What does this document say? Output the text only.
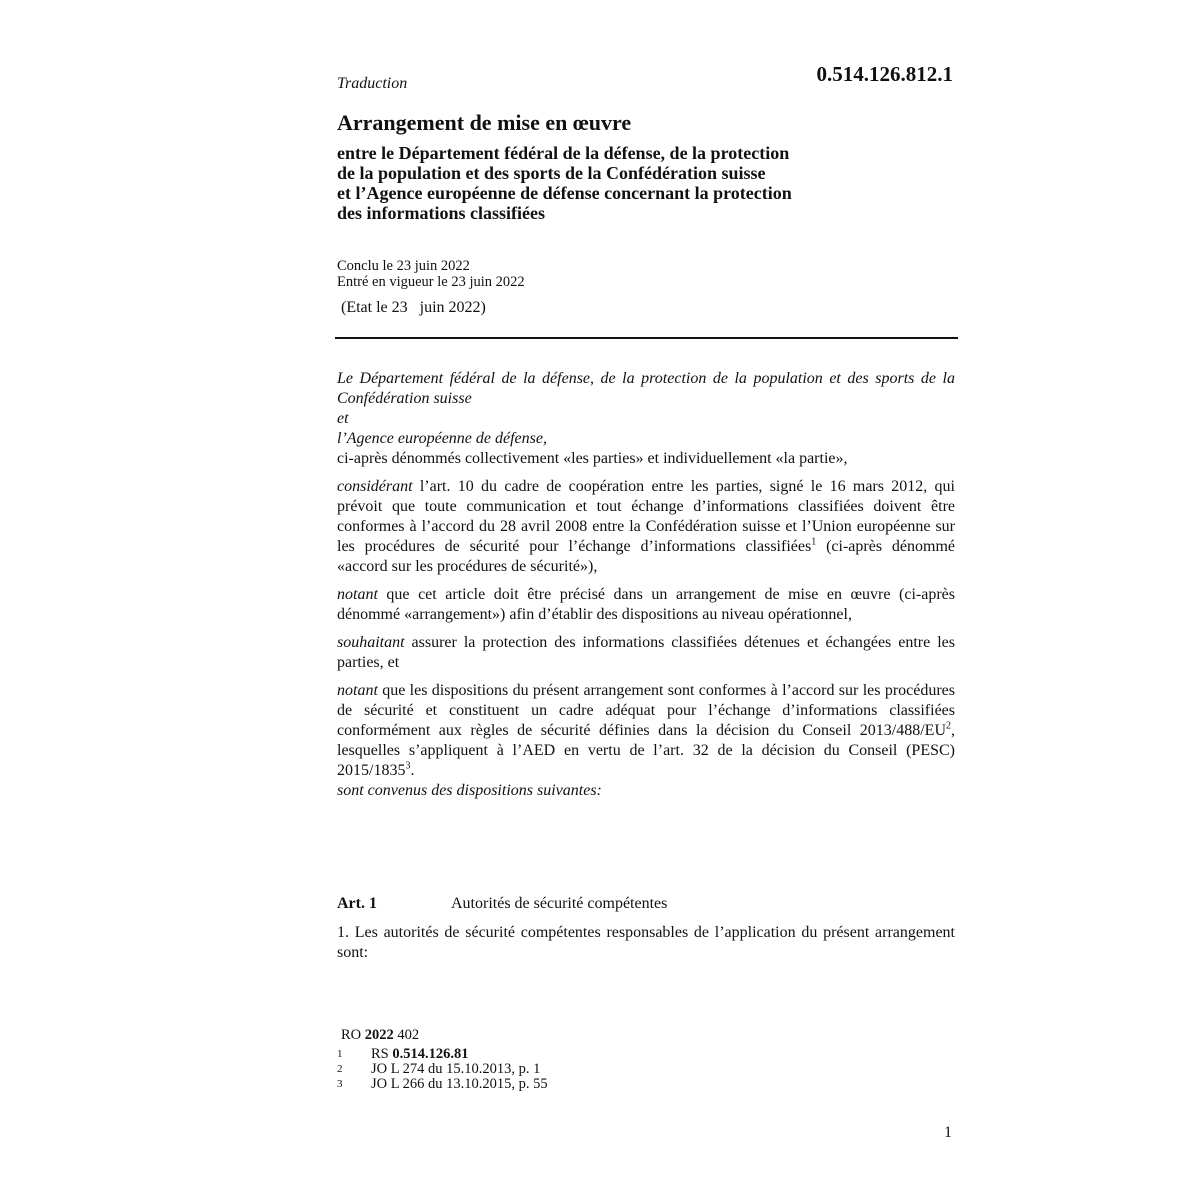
Traduction	0.514.126.812.1
Arrangement de mise en œuvre
entre le Département fédéral de la défense, de la protection
de la population et des sports de la Confédération suisse
et l’Agence européenne de défense concernant la protection
des informations classifiées
Conclu le 23 juin 2022
Entré en vigueur le 23 juin 2022
(Etat le 23   juin 2022)

Le Département fédéral de la défense, de la protection de la population et des sports de la Confédération suisse

et

l’Agence européenne de défense,

ci-après dénommés collectivement «les parties» et individuellement «la partie»,

considérant l’art. 10 du cadre de coopération entre les parties, signé le 16 mars 2012, qui prévoit que toute communication et tout échange d’informations classifiées doivent être conformes à l’accord du 28 avril 2008 entre la Confédération suisse et l’Union européenne sur les procédures de sécurité pour l’échange d’informations classifiées$^1$ (ci-après dénommé «accord sur les procédures de sécurité»),

notant que cet article doit être précisé dans un arrangement de mise en œuvre (ci-après dénommé «arrangement») afin d’établir des dispositions au niveau opérationnel,

souhaitant assurer la protection des informations classifiées détenues et échangées entre les parties, et

notant que les dispositions du présent arrangement sont conformes à l’accord sur les procédures de sécurité et constituent un cadre adéquat pour l’échange d’informations classifiées conformément aux règles de sécurité définies dans la décision du Conseil $2013/488/EU^2$, lesquelles s’appliquent à l’AED en vertu de l’art. 32 de la décision du Conseil (PESC) 2015/1835$^3$.

sont convenus des dispositions suivantes:

Art. 1	Autorités de sécurité compétentes
1. Les autorités de sécurité compétentes responsables de l’application du présent arrangement sont:
RO 2022 402
1	RS 0.514.126.81
2	JO L 274 du 15.10.2013, p. 1
3	JO L 266 du 13.10.2015, p. 55
1
